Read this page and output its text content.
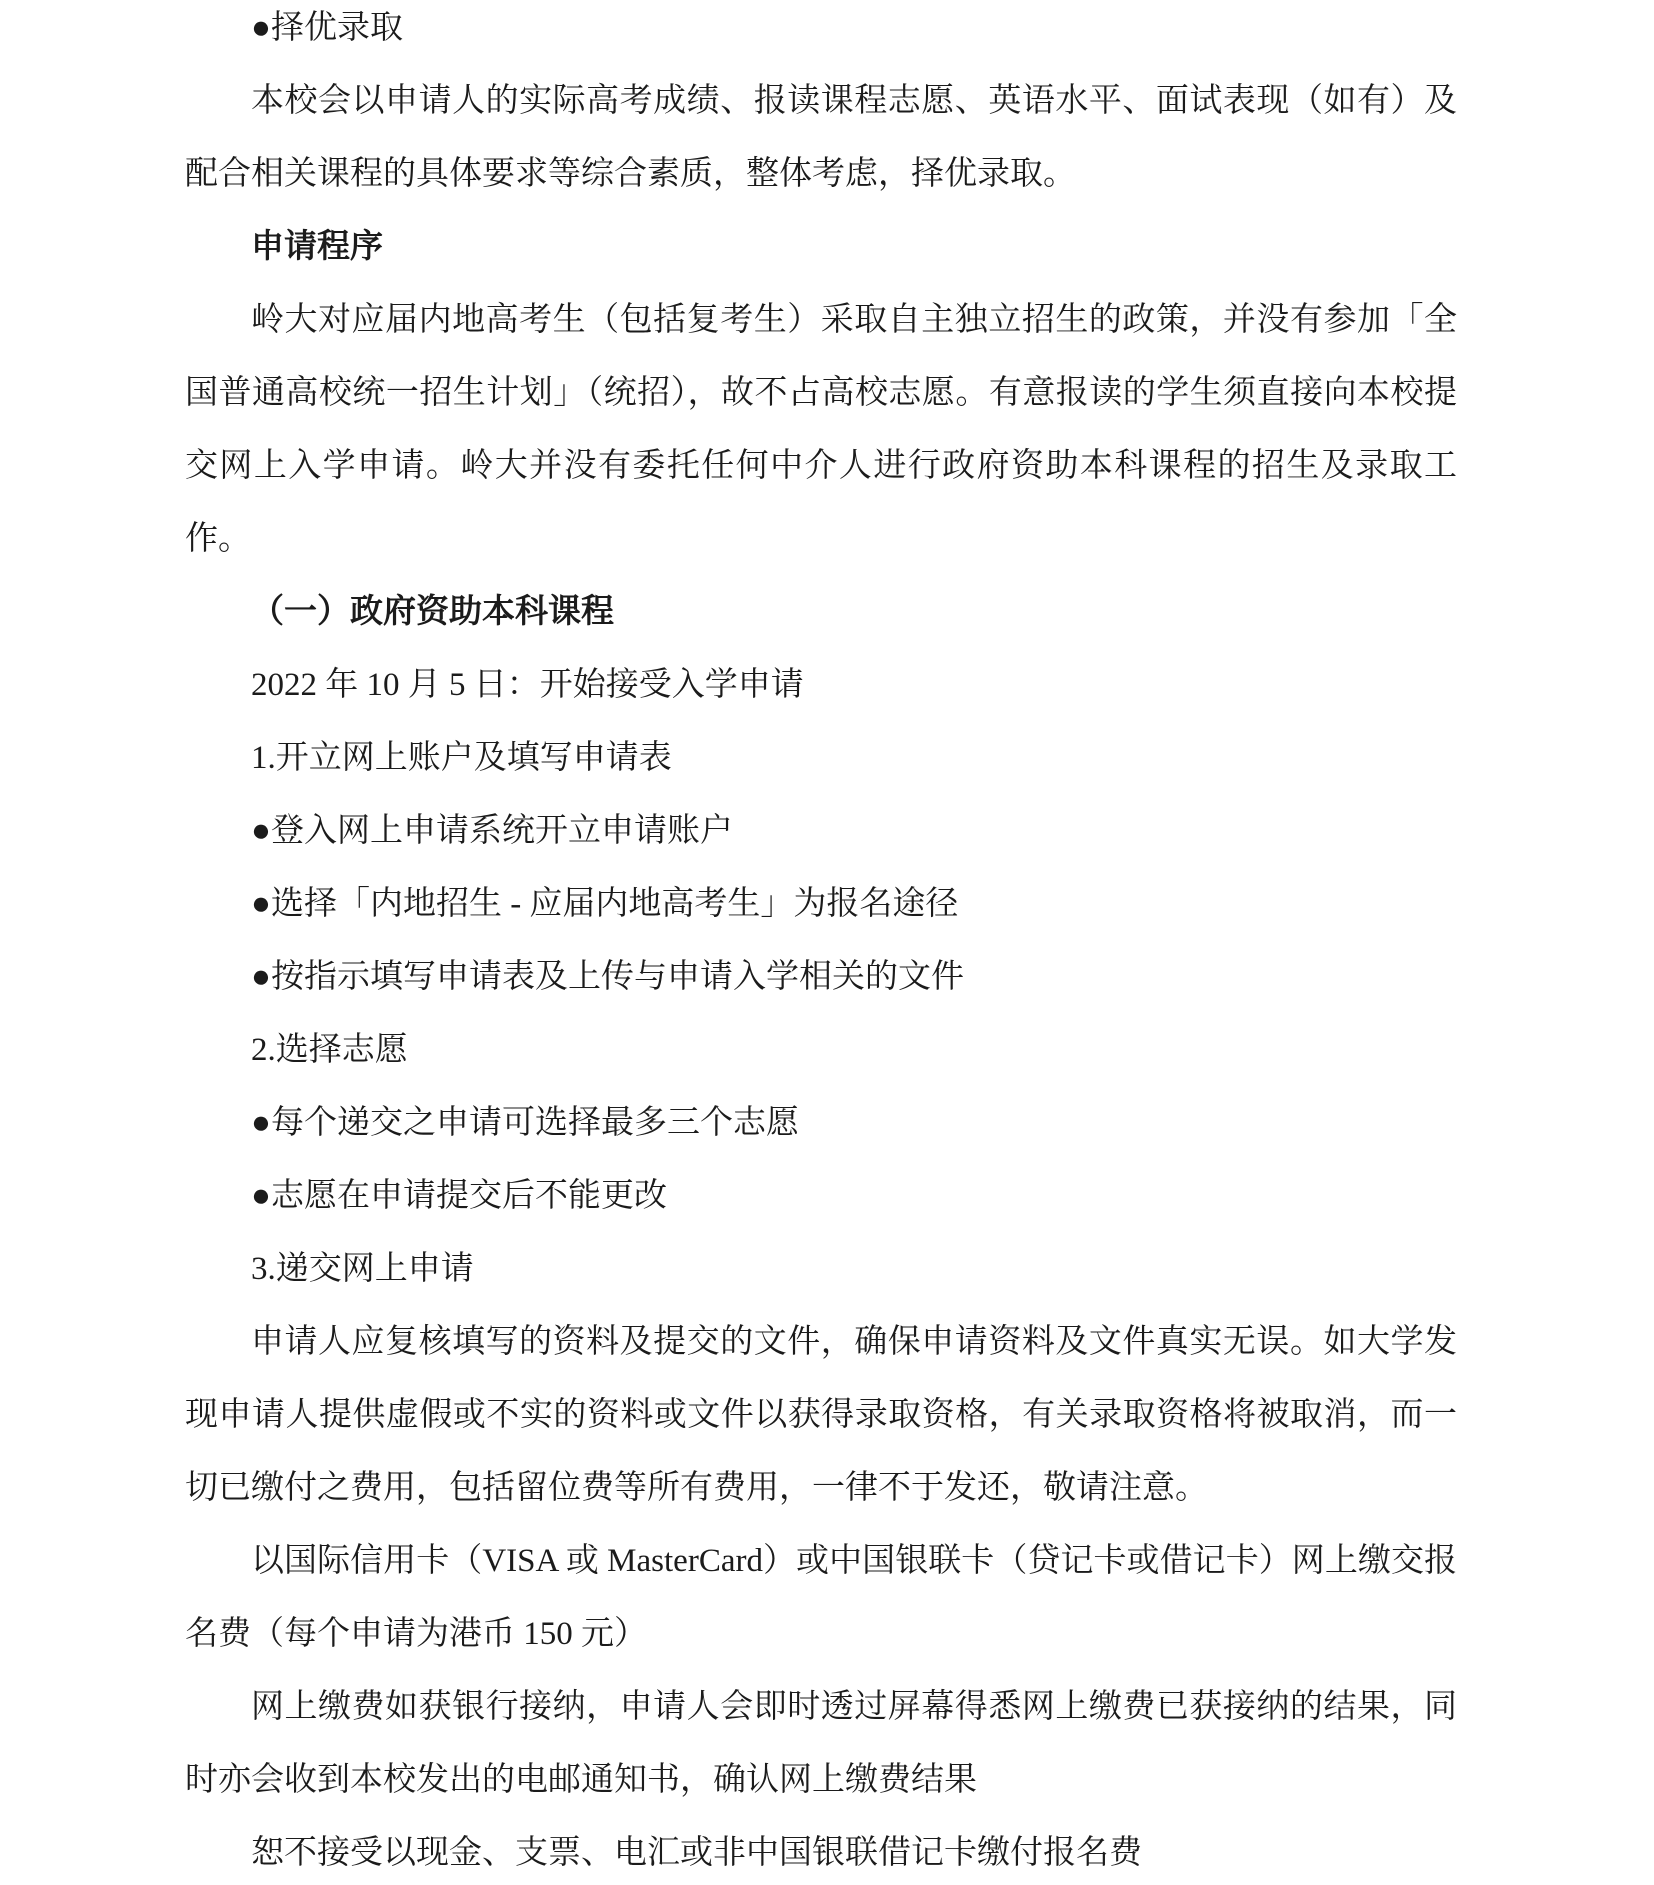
●择优录取

本校会以申请人的实际高考成绩、报读课程志愿、英语水平、面试表现（如有）及配合相关课程的具体要求等综合素质，整体考虑，择优录取。

申请程序

岭大对应届内地高考生（包括复考生）采取自主独立招生的政策，并没有参加「全国普通高校统一招生计划」（统招），故不占高校志愿。有意报读的学生须直接向本校提交网上入学申请。岭大并没有委托任何中介人进行政府资助本科课程的招生及录取工作。

（一）政府资助本科课程

2022 年 10 月 5 日：开始接受入学申请

1.开立网上账户及填写申请表

●登入网上申请系统开立申请账户

●选择「内地招生 - 应届内地高考生」为报名途径

●按指示填写申请表及上传与申请入学相关的文件

2.选择志愿

●每个递交之申请可选择最多三个志愿

●志愿在申请提交后不能更改

3.递交网上申请

申请人应复核填写的资料及提交的文件，确保申请资料及文件真实无误。如大学发现申请人提供虚假或不实的资料或文件以获得录取资格，有关录取资格将被取消，而一切已缴付之费用，包括留位费等所有费用，一律不于发还，敬请注意。

以国际信用卡（VISA 或 MasterCard）或中国银联卡（贷记卡或借记卡）网上缴交报名费（每个申请为港币 150 元）

网上缴费如获银行接纳，申请人会即时透过屏幕得悉网上缴费已获接纳的结果，同时亦会收到本校发出的电邮通知书，确认网上缴费结果

恕不接受以现金、支票、电汇或非中国银联借记卡缴付报名费
